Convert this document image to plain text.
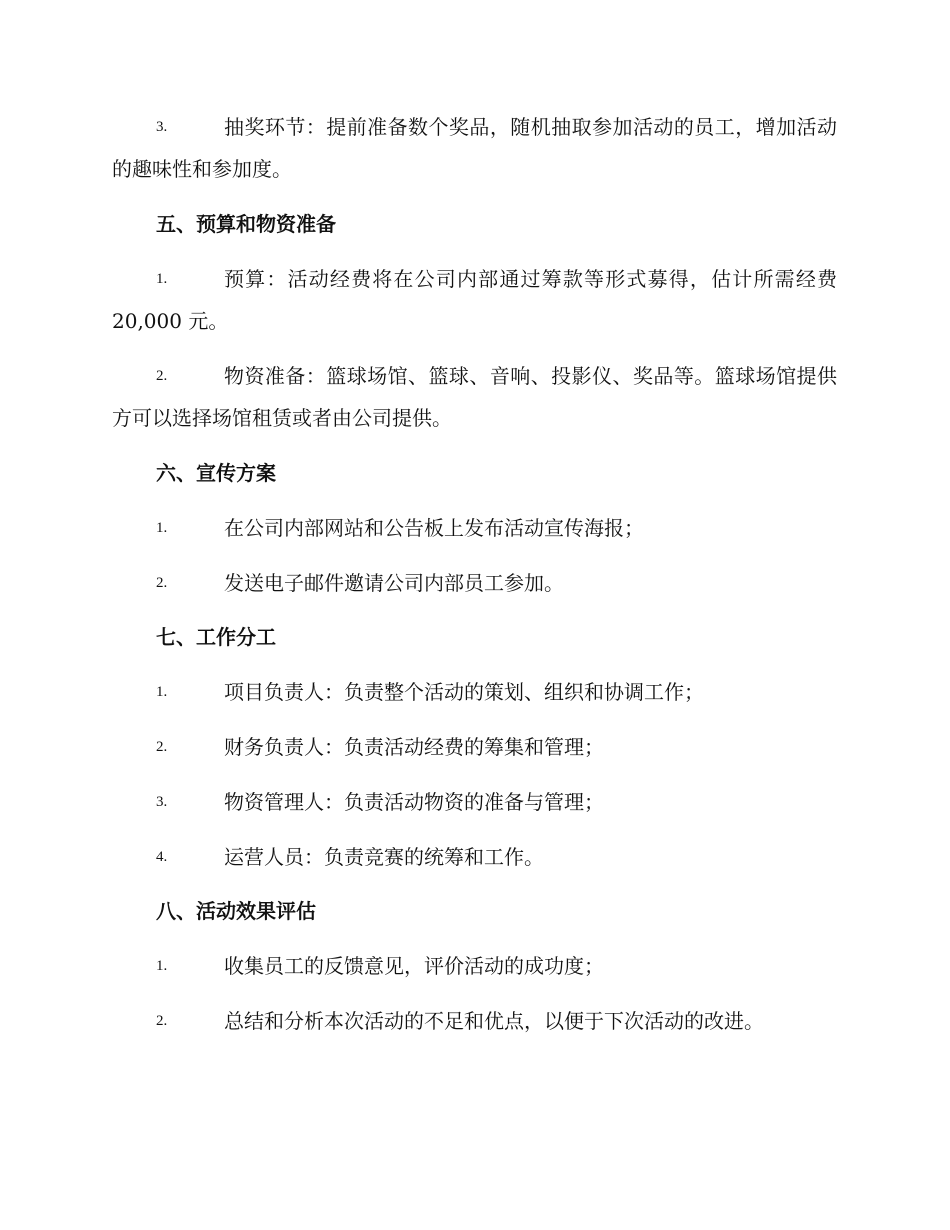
3.	抽奖环节：提前准备数个奖品，随机抽取参加活动的员工，增加活动的趣味性和参加度。
五、预算和物资准备
1.	预算：活动经费将在公司内部通过筹款等形式募得，估计所需经费 20,000 元。
2.	物资准备：篮球场馆、篮球、音响、投影仪、奖品等。篮球场馆提供方可以选择场馆租赁或者由公司提供。
六、宣传方案
1.	在公司内部网站和公告板上发布活动宣传海报；
2.	发送电子邮件邀请公司内部员工参加。
七、工作分工
1.	项目负责人：负责整个活动的策划、组织和协调工作；
2.	财务负责人：负责活动经费的筹集和管理；
3.	物资管理人：负责活动物资的准备与管理；
4.	运营人员：负责竞赛的统筹和工作。
八、活动效果评估
1.	收集员工的反馈意见，评价活动的成功度；
2.	总结和分析本次活动的不足和优点，以便于下次活动的改进。
